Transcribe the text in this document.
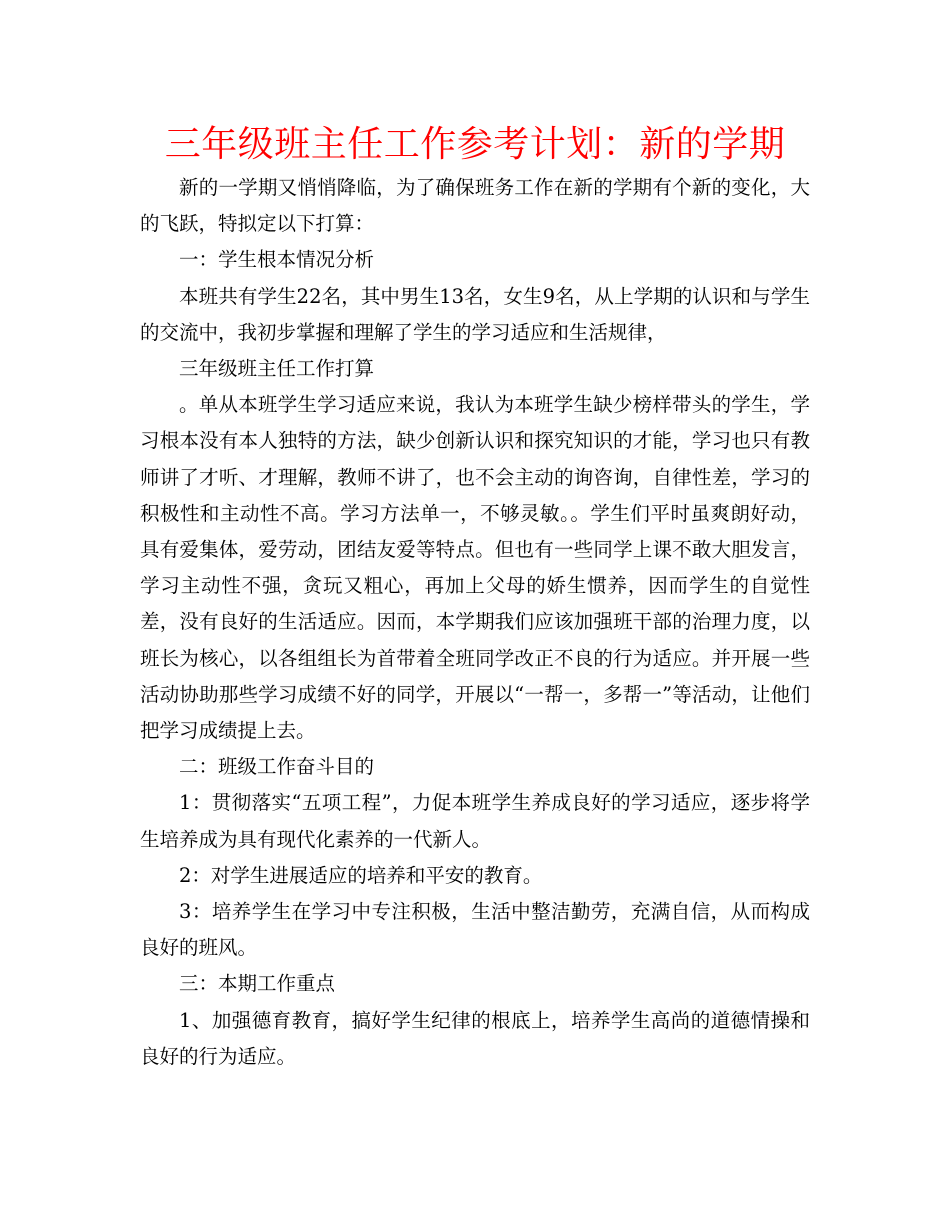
三年级班主任工作参考计划：新的学期

新的一学期又悄悄降临，为了确保班务工作在新的学期有个新的变化，大的飞跃，特拟定以下打算：

一：学生根本情况分析

本班共有学生22名，其中男生13名，女生9名，从上学期的认识和与学生的交流中，我初步掌握和理解了学生的学习适应和生活规律，

三年级班主任工作打算

。单从本班学生学习适应来说，我认为本班学生缺少榜样带头的学生，学习根本没有本人独特的方法，缺少创新认识和探究知识的才能，学习也只有教师讲了才听、才理解，教师不讲了，也不会主动的询咨询，自律性差，学习的积极性和主动性不高。学习方法单一，不够灵敏。。学生们平时虽爽朗好动，具有爱集体，爱劳动，团结友爱等特点。但也有一些同学上课不敢大胆发言，学习主动性不强，贪玩又粗心，再加上父母的娇生惯养，因而学生的自觉性差，没有良好的生活适应。因而，本学期我们应该加强班干部的治理力度，以班长为核心，以各组组长为首带着全班同学改正不良的行为适应。并开展一些活动协助那些学习成绩不好的同学，开展以“一帮一，多帮一”等活动，让他们把学习成绩提上去。

二：班级工作奋斗目的

1：贯彻落实“五项工程”，力促本班学生养成良好的学习适应，逐步将学生培养成为具有现代化素养的一代新人。

2：对学生进展适应的培养和平安的教育。

3：培养学生在学习中专注积极，生活中整洁勤劳，充满自信，从而构成良好的班风。

三：本期工作重点

1、加强德育教育，搞好学生纪律的根底上，培养学生高尚的道德情操和良好的行为适应。
